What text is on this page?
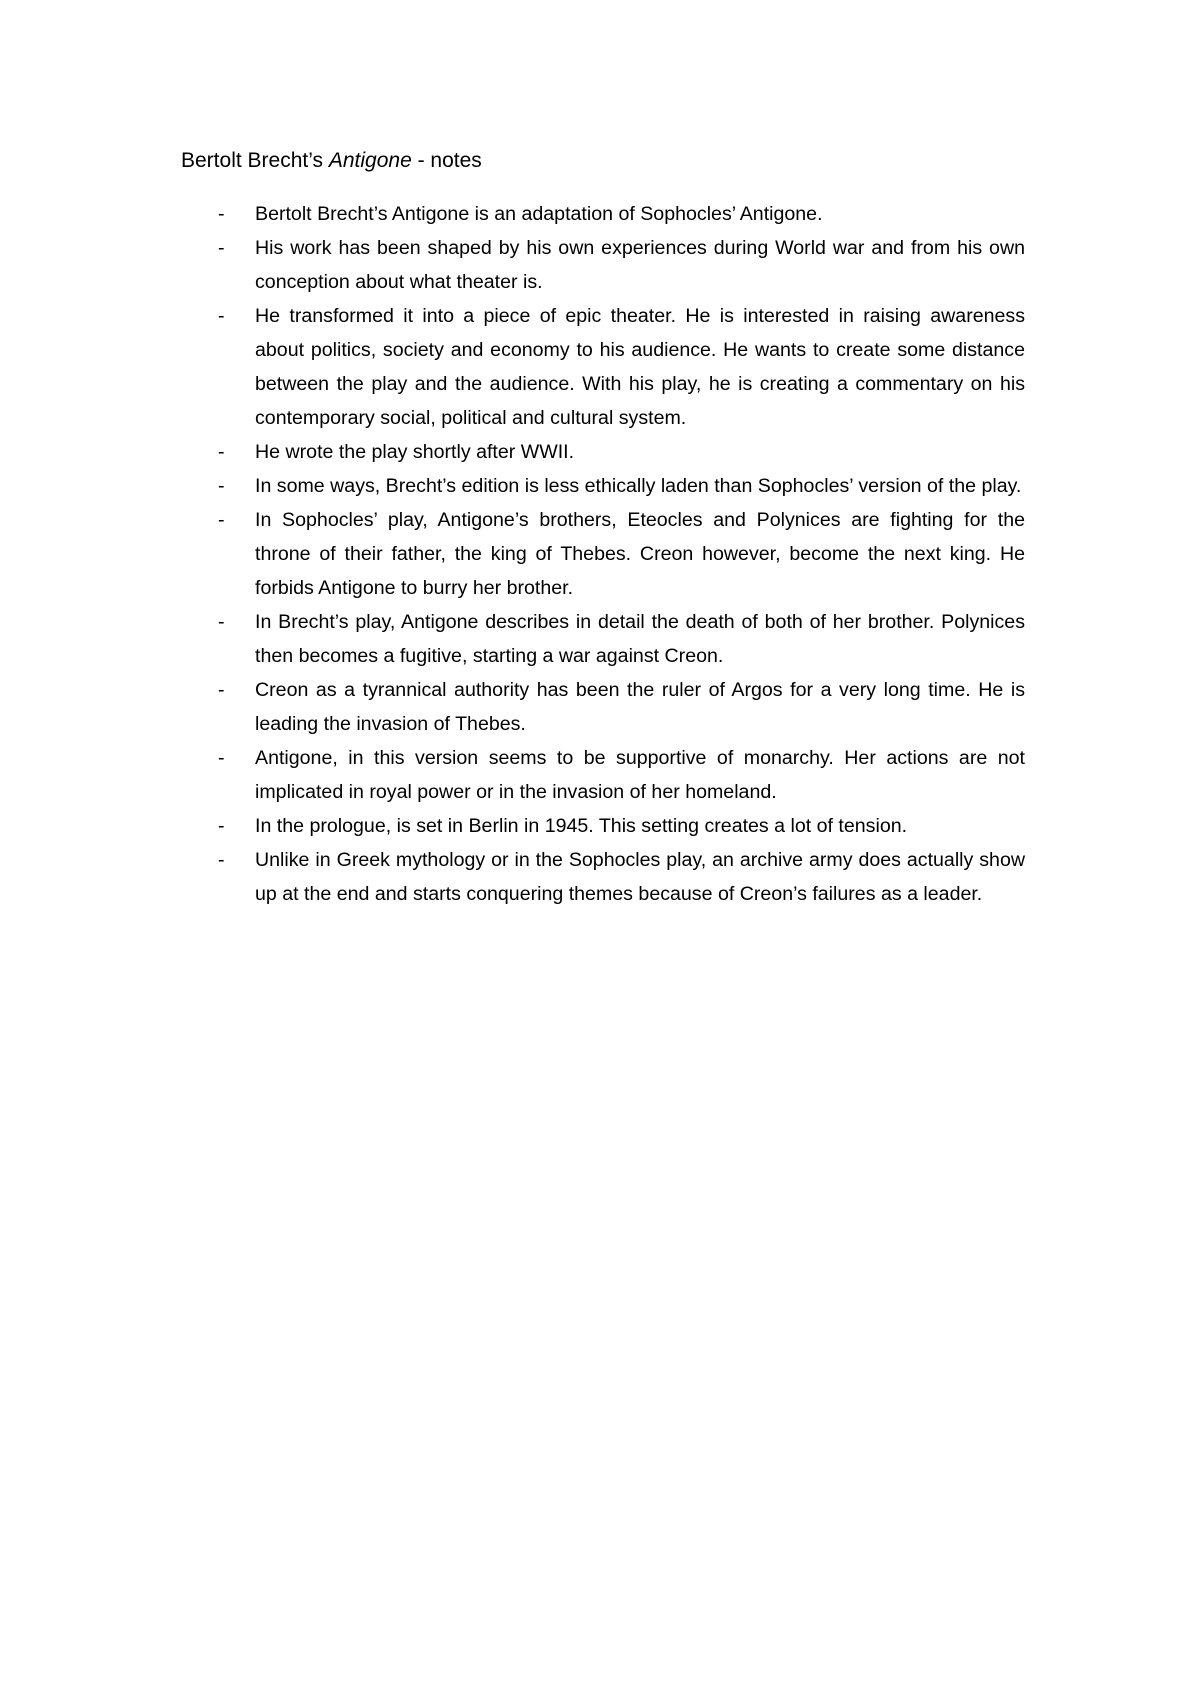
Bertolt Brecht’s Antigone - notes
-	Bertolt Brecht’s Antigone is an adaptation of Sophocles’ Antigone.
-	His work has been shaped by his own experiences during World war and from his own conception about what theater is.
-	He transformed it into a piece of epic theater. He is interested in raising awareness about politics, society and economy to his audience. He wants to create some distance between the play and the audience. With his play, he is creating a commentary on his contemporary social, political and cultural system.
-	He wrote the play shortly after WWII.
-	In some ways, Brecht’s edition is less ethically laden than Sophocles’ version of the play.
-	In Sophocles’ play, Antigone’s brothers, Eteocles and Polynices are fighting for the throne of their father, the king of Thebes. Creon however, become the next king. He forbids Antigone to burry her brother.
-	In Brecht’s play, Antigone describes in detail the death of both of her brother. Polynices then becomes a fugitive, starting a war against Creon.
-	Creon as a tyrannical authority has been the ruler of Argos for a very long time. He is leading the invasion of Thebes.
-	Antigone, in this version seems to be supportive of monarchy. Her actions are not implicated in royal power or in the invasion of her homeland.
-	In the prologue, is set in Berlin in 1945. This setting creates a lot of tension.
-	Unlike in Greek mythology or in the Sophocles play, an archive army does actually show up at the end and starts conquering themes because of Creon’s failures as a leader.
